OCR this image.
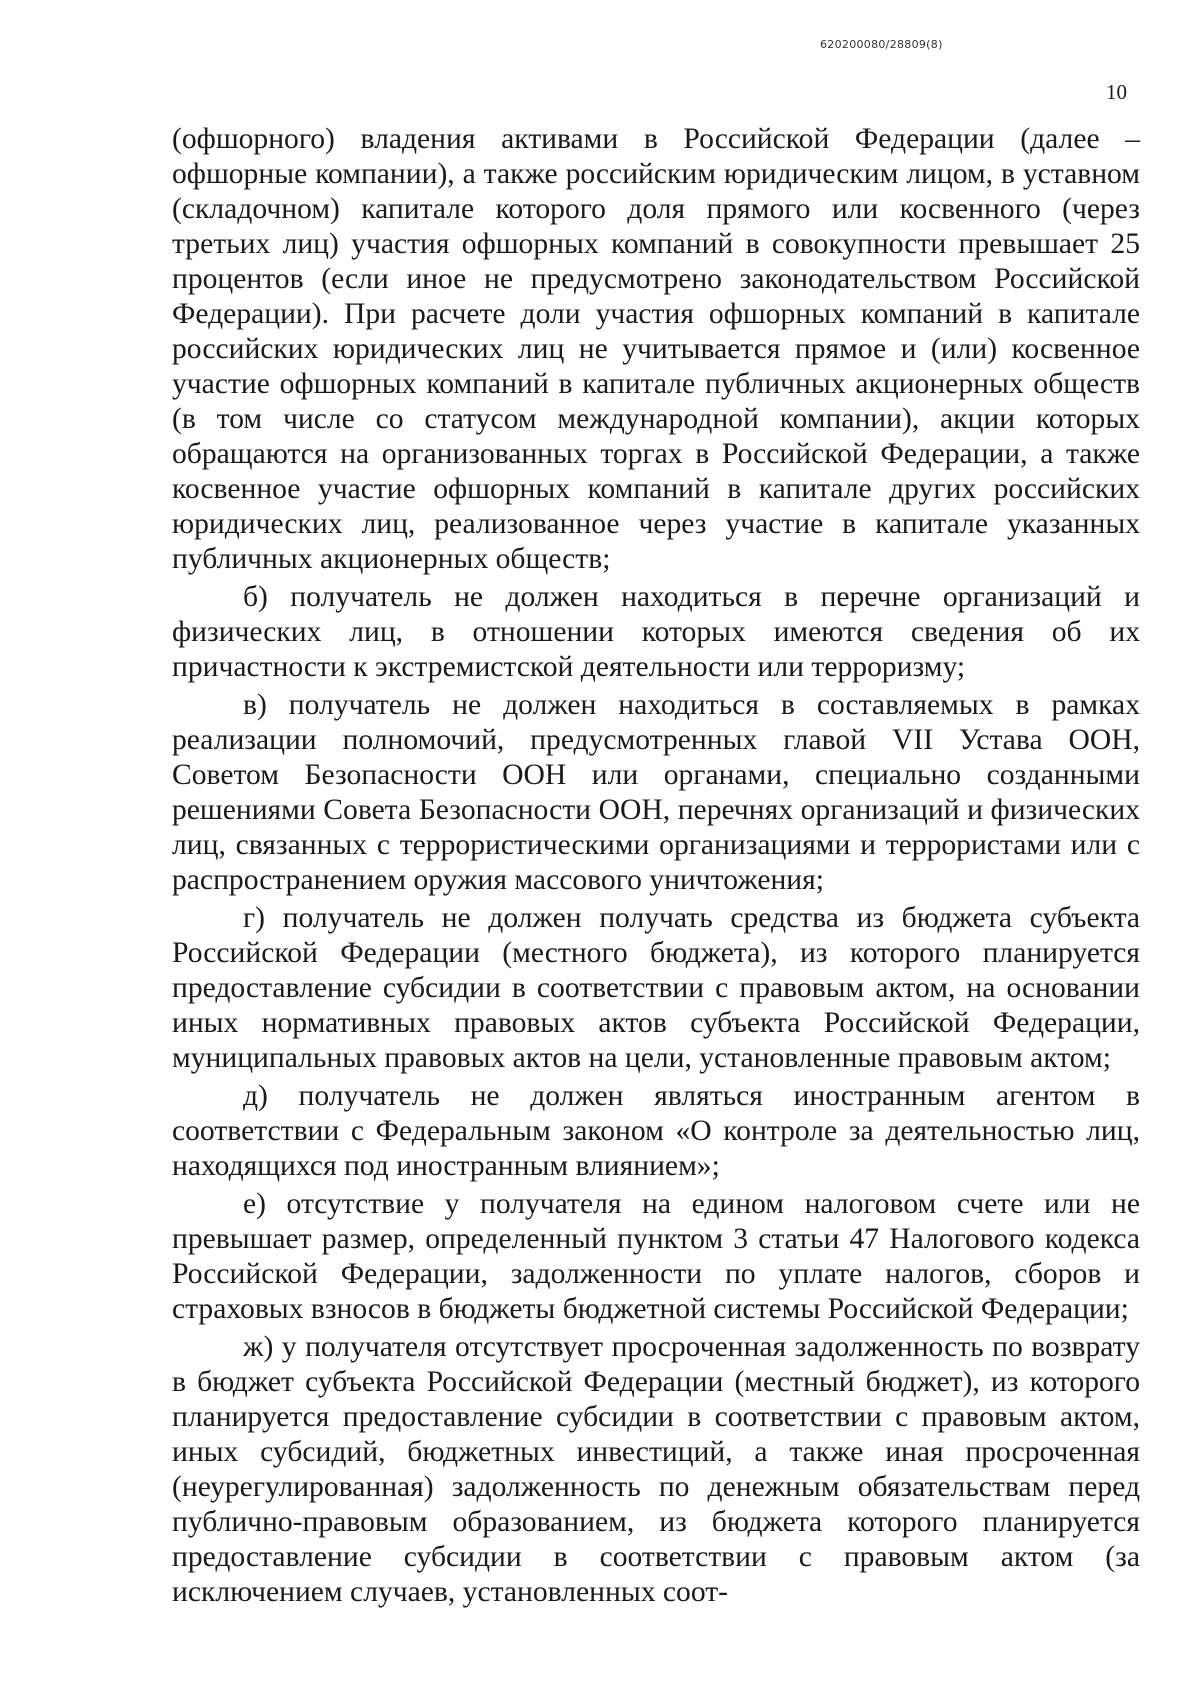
620200080/28809(8)
10

(офшорного) владения активами в Российской Федерации (далее – офшорные компании), а также российским юридическим лицом, в уставном (складочном) капитале которого доля прямого или косвенного (через третьих лиц) участия офшорных компаний в совокупности превышает 25 процентов (если иное не предусмотрено законодательством Российской Федерации). При расчете доли участия офшорных компаний в капитале российских юридических лиц не учитывается прямое и (или) косвенное участие офшорных компаний в капитале публичных акционерных обществ (в том числе со статусом международной компании), акции которых обращаются на организованных торгах в Российской Федерации, а также косвенное участие офшорных компаний в капитале других российских юридических лиц, реализованное через участие в капитале указанных публичных акционерных обществ;

б) получатель не должен находиться в перечне организаций и физических лиц, в отношении которых имеются сведения об их причастности к экстремистской деятельности или терроризму;

в) получатель не должен находиться в составляемых в рамках реализации полномочий, предусмотренных главой VII Устава ООН, Советом Безопасности ООН или органами, специально созданными решениями Совета Безопасности ООН, перечнях организаций и физических лиц, связанных с террористическими организациями и террористами или с распространением оружия массового уничтожения;

г) получатель не должен получать средства из бюджета субъекта Российской Федерации (местного бюджета), из которого планируется предоставление субсидии в соответствии с правовым актом, на основании иных нормативных правовых актов субъекта Российской Федерации, муниципальных правовых актов на цели, установленные правовым актом;

д) получатель не должен являться иностранным агентом в соответствии с Федеральным законом «О контроле за деятельностью лиц, находящихся под иностранным влиянием»;

е) отсутствие у получателя на едином налоговом счете или не превышает размер, определенный пунктом 3 статьи 47 Налогового кодекса Российской Федерации, задолженности по уплате налогов, сборов и страховых взносов в бюджеты бюджетной системы Российской Федерации;

ж) у получателя отсутствует просроченная задолженность по возврату в бюджет субъекта Российской Федерации (местный бюджет), из которого планируется предоставление субсидии в соответствии с правовым актом, иных субсидий, бюджетных инвестиций, а также иная просроченная (неурегулированная) задолженность по денежным обязательствам перед публично-правовым образованием, из бюджета которого планируется предоставление субсидии в соответствии с правовым актом (за исключением случаев, установленных соот-
